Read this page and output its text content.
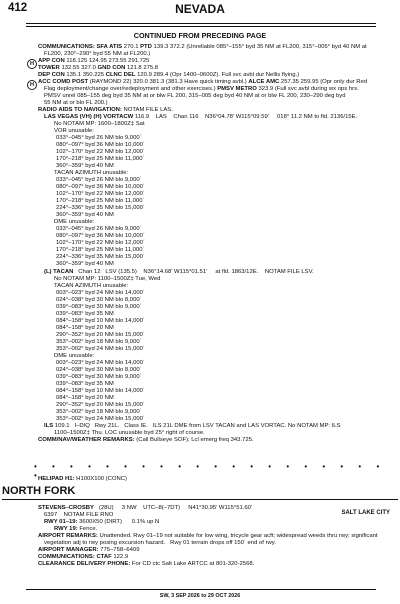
412	NEVADA
CONTINUED FROM PRECEDING PAGE
H
H
COMMUNICATIONS: SFA ATIS 270.1 PTD 139.3 372.2 (Unreliable 085°–155° byd 35 NM at FL200, 315°–005° byd 40 NM at
FL200, 230°–290° byd 55 NM at FL200.)
APP CON 118.125 124.95 273.55 291.725
TOWER 132.55 327.0 GND CON 121.8 275.8
DEP CON 135.1 350.225 CLNC DEL 120.9 289.4 (Opr 1400–0600Z). Full svc avbl dur Nellis flying.)
ACC COMD POST (RAYMOND 22) 320.0 381.3 (381.3 Have quick timing avbl.) ALCE AMC 257.35 259.95 (Opr only dur Red
Flag deployment/change over/redeployment and other exercises.) PMSV METRO 323.9 (Full svc avbl during wx ops hrs.
PMSV unrel 085–155 deg byd 35 NM at or blw FL 200, 315–005 deg byd 40 NM at or blw FL 200, 230–290 deg byd
55 NM at or blo FL 200.)
RADIO AIDS TO NAVIGATION: NOTAM FILE LAS.
LAS VEGAS (VH) (H) VORTACW 116.9    LAS    Chan 116    N36°04.78′ W115°09.59′     018° 11.2 NM to fld. 2136/15E.
No NOTAM MP: 1600–1800Z‡ Sat
VOR unusable:
033°–045° byd 26 NM blo 9,000´
080°–097° byd 36 NM blo 10,000´
102°–170° byd 22 NM blo 12,000´
170°–218° byd 25 NM blo 11,000´
360°–359° byd 40 NM
TACAN AZIMUTH unusable:
033°–045° byd 26 NM blo 9,000´
080°–097° byd 36 NM blo 10,000´
102°–170° byd 22 NM blo 12,000´
170°–218° byd 25 NM blo 11,000´
224°–336° byd 35 NM blo 15,000´
360°–359° byd 40 NM
DME unusable:
033°–045° byd 26 NM blo 9,000´
080°–097° byd 36 NM blo 10,000´
102°–170° byd 22 NM blo 12,000´
170°–218° byd 25 NM blo 11,000´
224°–336° byd 35 NM blo 15,000´
360°–359° byd 40 NM
(L) TACAN   Chan 12   LSV (135.5)    N36°14.68′ W115°01.51′     at fld. 1863/12E.    NOTAM FILE LSV.
No NOTAM MP: 1100–1500Z‡ Tue, Wed
TACAN AZIMUTH unusable:
003°–023° byd 24 NM blo 14,000´
024°–038° byd 30 NM blo 8,000´
039°–083° byd 30 NM blo 9,000´
039°–083° byd 35 NM
084°–158° byd 10 NM blo 14,000´
084°–158° byd 20 NM
290°–352° byd 20 NM blo 15,000´
353°–002° byd 18 NM blo 9,000´
353°–002° byd 24 NM blo 15,000´
DME unusable:
003°–023° byd 24 NM blo 14,000´
024°–038° byd 30 NM blo 8,000´
039°–083° byd 30 NM blo 9,000´
039°–083° byd 35 NM
084°–158° byd 10 NM blo 14,000´
084°–158° byd 20 NM
290°–352° byd 20 NM blo 15,000´
353°–002° byd 18 NM blo 9,000´
353°–002° byd 24 NM blo 15,000´
ILS 109.1   I–DIQ   Rwy 21L.   Class IE.   ILS 21L DME from LSV TACAN and LAS VORTAC. No NOTAM MP: ILS
1100–1500Z‡ Thu. LOC unusable byd 25° right of course.
COMM/NAV/WEATHER REMARKS: (Call Bullseye SOF); Lcl emerg freq 343.725.
• • • • • • • • • • • • • • • • • • • • • HELIPAD H1: H100X100 (CONC)
NORTH FORK
SALT LAKE CITY
STEVENS–CROSBY   (28U)     3 NW    UTC–8(–7DT)     N41°30.95′ W115°51.60′
6397    NOTAM FILE RNO
RWY 01–19: 3600X50 (DIRT)      0.1% up N
RWY 19: Fence.
AIRPORT REMARKS: Unattended. Rwy 01–19 not suitable for low wing, tricycle gear acft; widespread weeds thru rwy; significant
vegetation adj to rwy posing excursion hazard.   Rwy 01 terrain drops off 150´ end of rwy.
AIRPORT MANAGER: 775–758–6409
COMMUNICATIONS: CTAF 122.9
CLEARANCE DELIVERY PHONE: For CD ctc Salt Lake ARTCC at 801-320-2568.
SW, 3 SEP 2026 to 29 OCT 2026
